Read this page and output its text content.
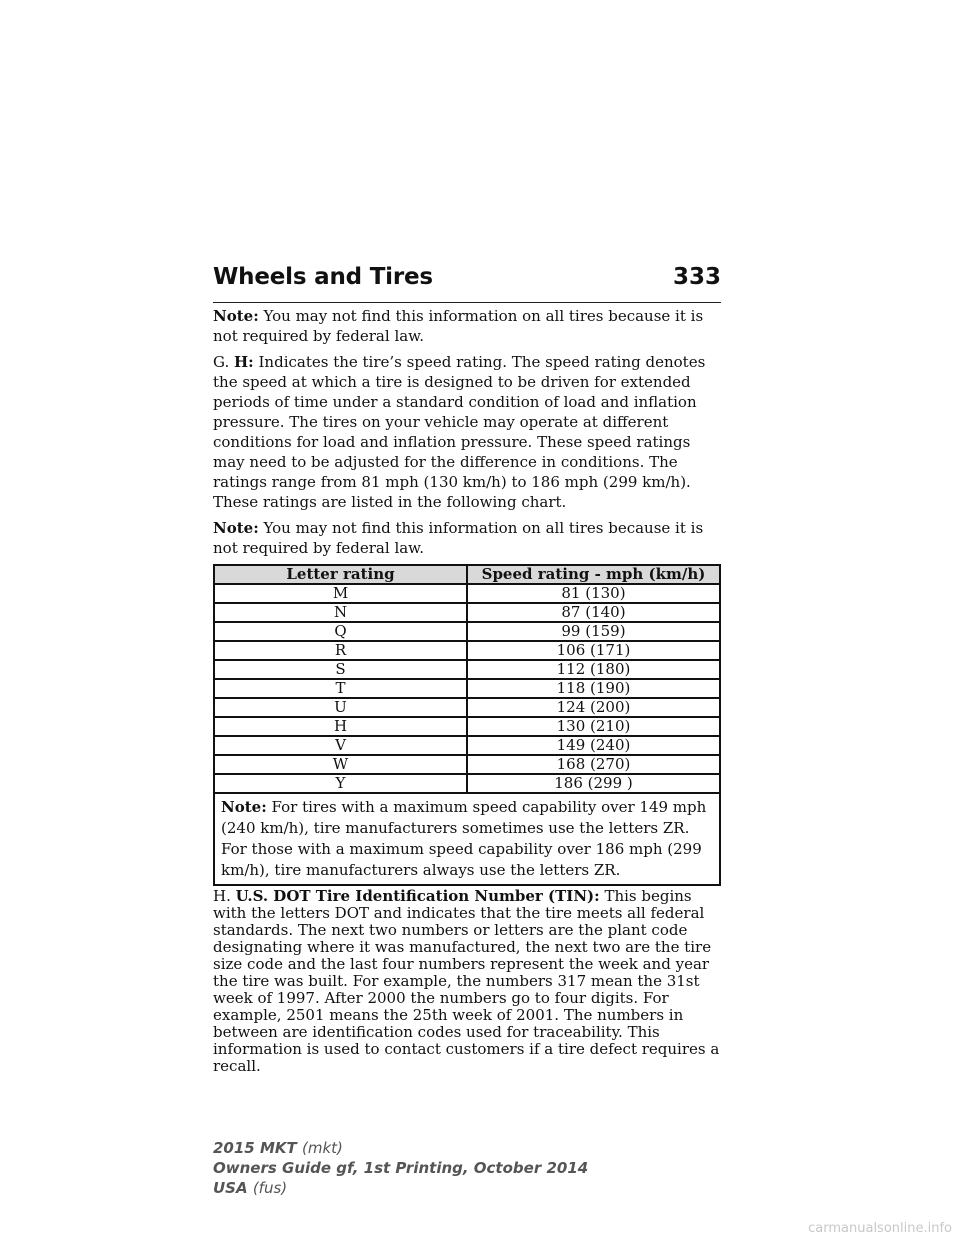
Wheels and Tires	333

Note: You may not find this information on all tires because it is not required by federal law.

G. H: Indicates the tire’s speed rating. The speed rating denotes the speed at which a tire is designed to be driven for extended periods of time under a standard condition of load and inflation pressure. The tires on your vehicle may operate at different conditions for load and inflation pressure. These speed ratings may need to be adjusted for the difference in conditions. The ratings range from 81 mph (130 km/h) to 186 mph (299 km/h). These ratings are listed in the following chart.

Note: You may not find this information on all tires because it is not required by federal law.

Letter rating	Speed rating - mph (km/h)
M	81 (130)
N	87 (140)
Q	99 (159)
R	106 (171)
S	112 (180)
T	118 (190)
U	124 (200)
H	130 (210)
V	149 (240)
W	168 (270)
Y	186 (299 )
Note: For tires with a maximum speed capability over 149 mph (240 km/h), tire manufacturers sometimes use the letters ZR. For those with a maximum speed capability over 186 mph (299 km/h), tire manufacturers always use the letters ZR.	

H. U.S. DOT Tire Identification Number (TIN): This begins with the letters DOT and indicates that the tire meets all federal standards. The next two numbers or letters are the plant code designating where it was manufactured, the next two are the tire size code and the last four numbers represent the week and year the tire was built. For example, the numbers 317 mean the 31st week of 1997. After 2000 the numbers go to four digits. For example, 2501 means the 25th week of 2001. The numbers in between are identification codes used for traceability. This information is used to contact customers if a tire defect requires a recall.

2015 MKT (mkt)
Owners Guide gf, 1st Printing, October 2014
USA (fus)
carmanualsonline.info
